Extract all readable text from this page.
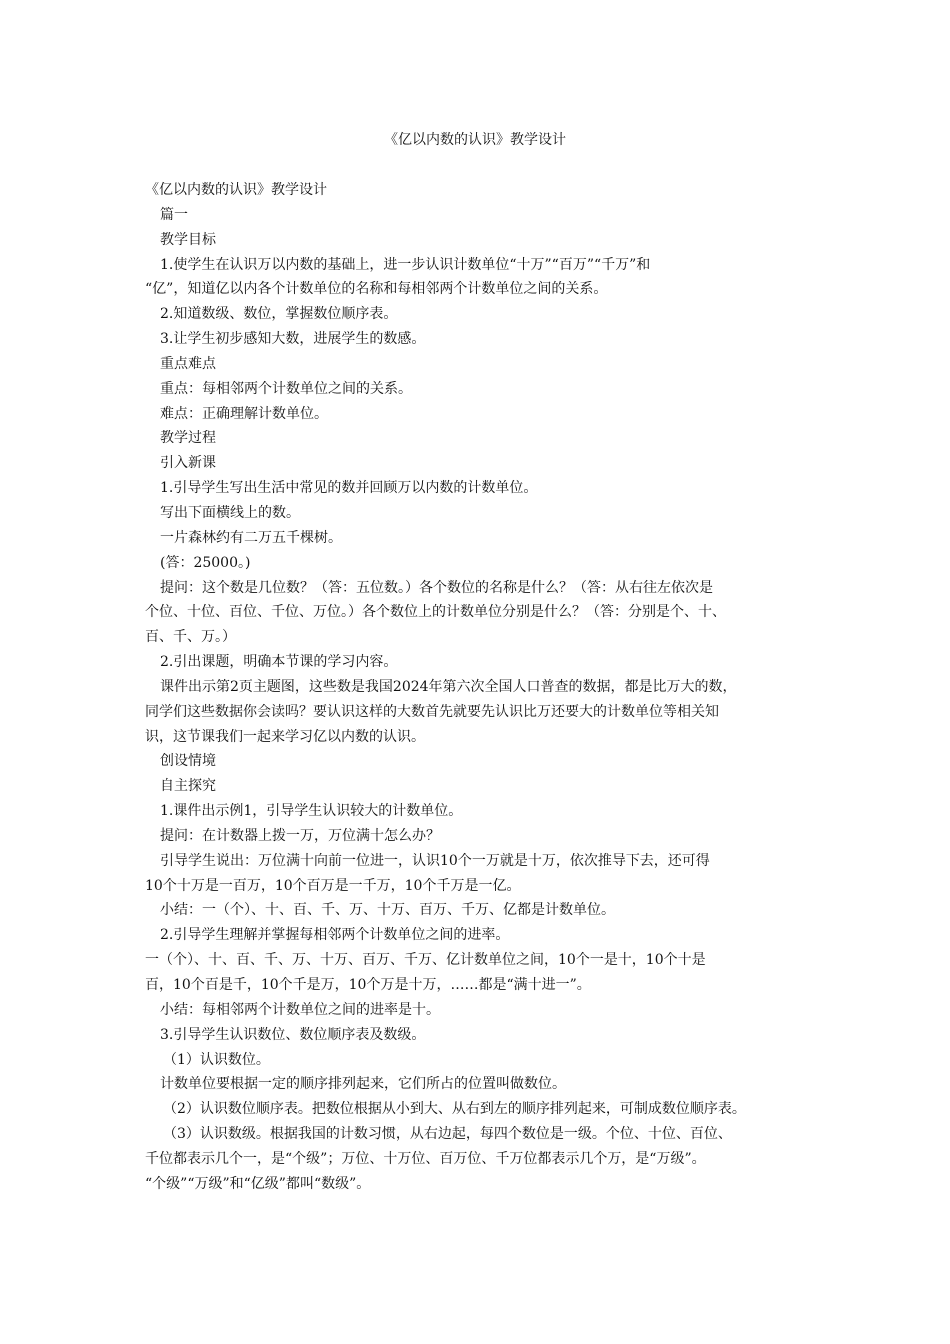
《亿以内数的认识》教学设计
《亿以内数的认识》教学设计
篇一
教学目标
1.使学生在认识万以内数的基础上，进一步认识计数单位“十万”“百万”“千万”和
“亿”，知道亿以内各个计数单位的名称和每相邻两个计数单位之间的关系。
2.知道数级、数位，掌握数位顺序表。
3.让学生初步感知大数，进展学生的数感。
重点难点
重点：每相邻两个计数单位之间的关系。
难点：正确理解计数单位。
教学过程
引入新课
1.引导学生写出生活中常见的数并回顾万以内数的计数单位。
写出下面横线上的数。
一片森林约有二万五千棵树。
(答：25000。)
提问：这个数是几位数？（答：五位数。）各个数位的名称是什么？（答：从右往左依次是
个位、十位、百位、千位、万位。）各个数位上的计数单位分别是什么？（答：分别是个、十、
百、千、万。）
2.引出课题，明确本节课的学习内容。
课件出示第2页主题图，这些数是我国2024年第六次全国人口普查的数据，都是比万大的数，
同学们这些数据你会读吗？要认识这样的大数首先就要先认识比万还要大的计数单位等相关知
识，这节课我们一起来学习亿以内数的认识。
创设情境
自主探究
1.课件出示例1，引导学生认识较大的计数单位。
提问：在计数器上拨一万，万位满十怎么办？
引导学生说出：万位满十向前一位进一，认识10个一万就是十万，依次推导下去，还可得
10个十万是一百万，10个百万是一千万，10个千万是一亿。
小结：一（个）、十、百、千、万、十万、百万、千万、亿都是计数单位。
2.引导学生理解并掌握每相邻两个计数单位之间的进率。
一（个）、十、百、千、万、十万、百万、千万、亿计数单位之间，10个一是十，10个十是
百，10个百是千，10个千是万，10个万是十万，……都是“满十进一”。
小结：每相邻两个计数单位之间的进率是十。
3.引导学生认识数位、数位顺序表及数级。
（1）认识数位。
计数单位要根据一定的顺序排列起来，它们所占的位置叫做数位。
（2）认识数位顺序表。把数位根据从小到大、从右到左的顺序排列起来，可制成数位顺序表。
（3）认识数级。根据我国的计数习惯，从右边起，每四个数位是一级。个位、十位、百位、
千位都表示几个一，是“个级”；万位、十万位、百万位、千万位都表示几个万，是“万级”。
“个级”“万级”和“亿级”都叫“数级”。
